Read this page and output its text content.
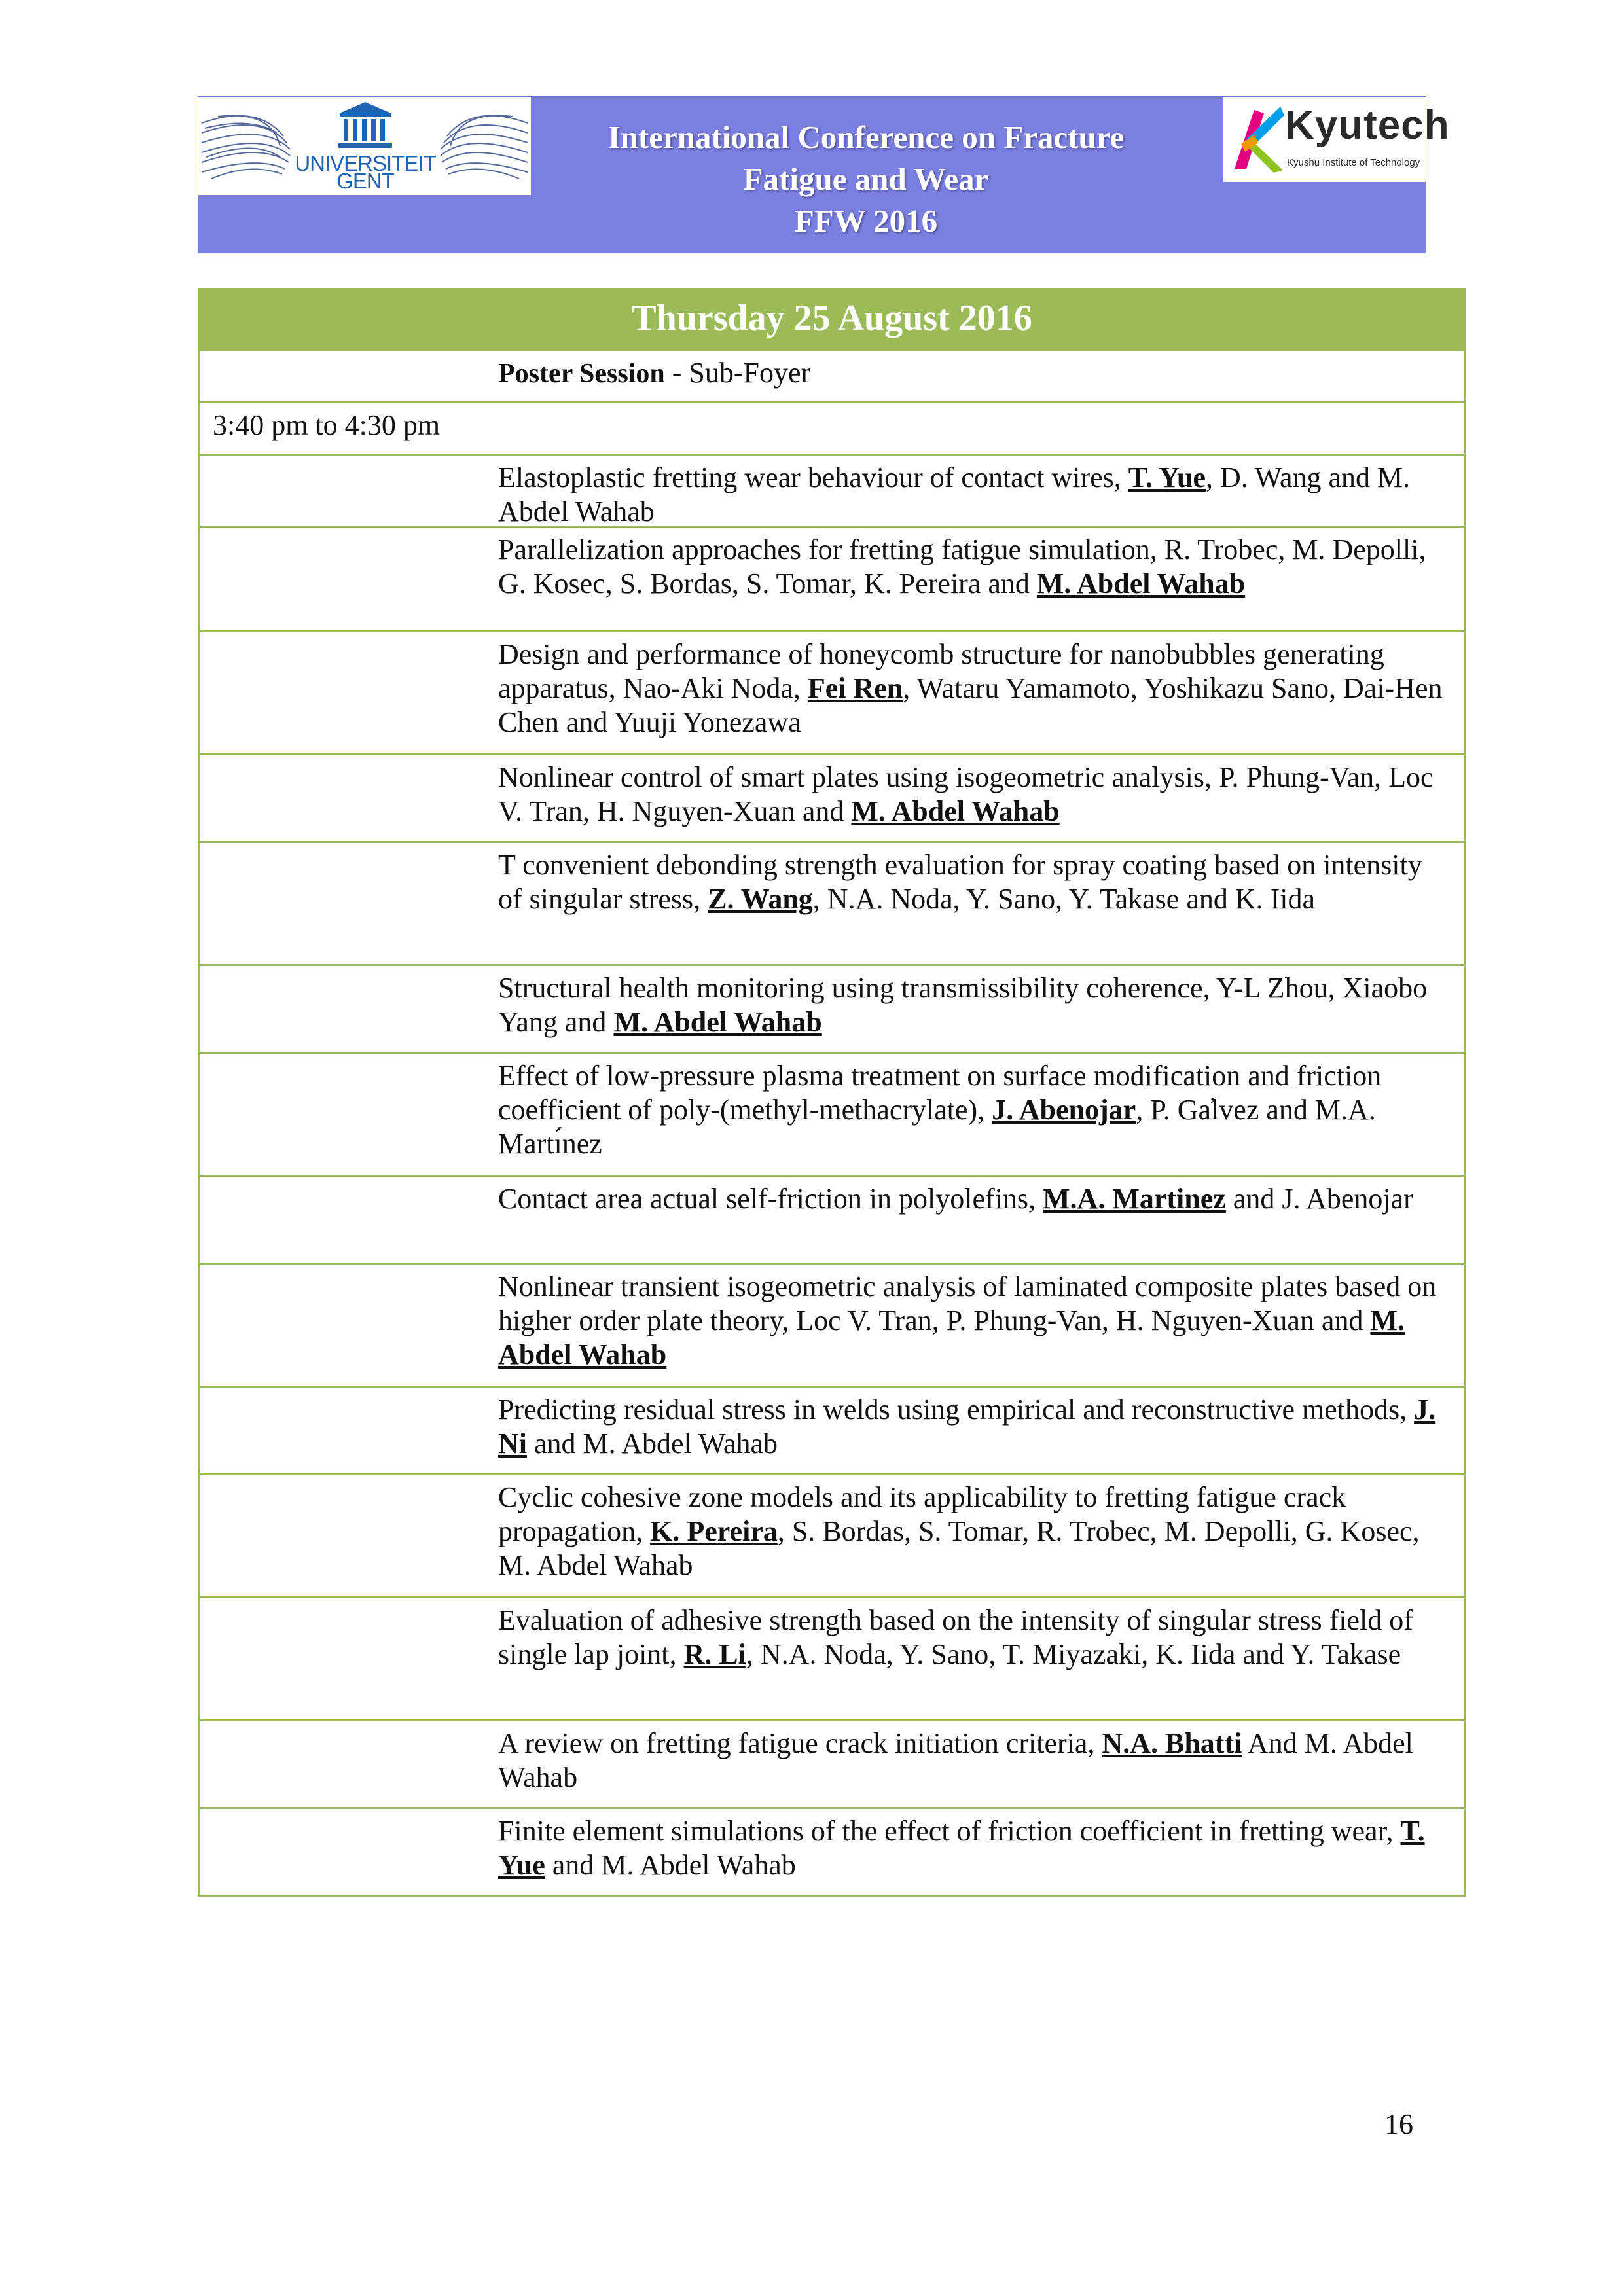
UNIVERSITEIT
GENT
International Conference on Fracture
Fatigue and Wear
FFW 2016
Kyutech
Kyushu Institute of Technology
Thursday 25 August 2016
Poster Session - Sub-Foyer
3:40 pm to 4:30 pm
Elastoplastic fretting wear behaviour of contact wires, T. Yue, D. Wang and M. Abdel Wahab
Parallelization approaches for fretting fatigue simulation, R. Trobec, M. Depolli, G. Kosec, S. Bordas, S. Tomar, K. Pereira and M. Abdel Wahab
Design and performance of honeycomb structure for nanobubbles generating apparatus, Nao-Aki Noda, Fei Ren, Wataru Yamamoto, Yoshikazu Sano, Dai-Hen Chen and Yuuji Yonezawa
Nonlinear control of smart plates using isogeometric analysis, P. Phung-Van, Loc V. Tran, H. Nguyen-Xuan and M. Abdel Wahab
T convenient debonding strength evaluation for spray coating based on intensity of singular stress, Z. Wang, N.A. Noda, Y. Sano, Y. Takase and K. Iida
Structural health monitoring using transmissibility coherence, Y-L Zhou, Xiaobo Yang and M. Abdel Wahab
Effect of low-pressure plasma treatment on surface modification and friction coefficient of poly-(methyl-methacrylate), J. Abenojar, P. Ga̕lvez and M.A. Martı́nez
Contact area actual self-friction in polyolefins, M.A. Martinez and J. Abenojar
Nonlinear transient isogeometric analysis of laminated composite plates based on higher order plate theory, Loc V. Tran, P. Phung-Van, H. Nguyen-Xuan and M. Abdel Wahab
Predicting residual stress in welds using empirical and reconstructive methods, J. Ni and M. Abdel Wahab
Cyclic cohesive zone models and its applicability to fretting fatigue crack propagation, K. Pereira, S. Bordas, S. Tomar, R. Trobec, M. Depolli, G. Kosec, M. Abdel Wahab
Evaluation of adhesive strength based on the intensity of singular stress field of single lap joint, R. Li, N.A. Noda, Y. Sano, T. Miyazaki, K. Iida and Y. Takase
A review on fretting fatigue crack initiation criteria, N.A. Bhatti And M. Abdel Wahab
Finite element simulations of the effect of friction coefficient in fretting wear, T. Yue and M. Abdel Wahab
16
